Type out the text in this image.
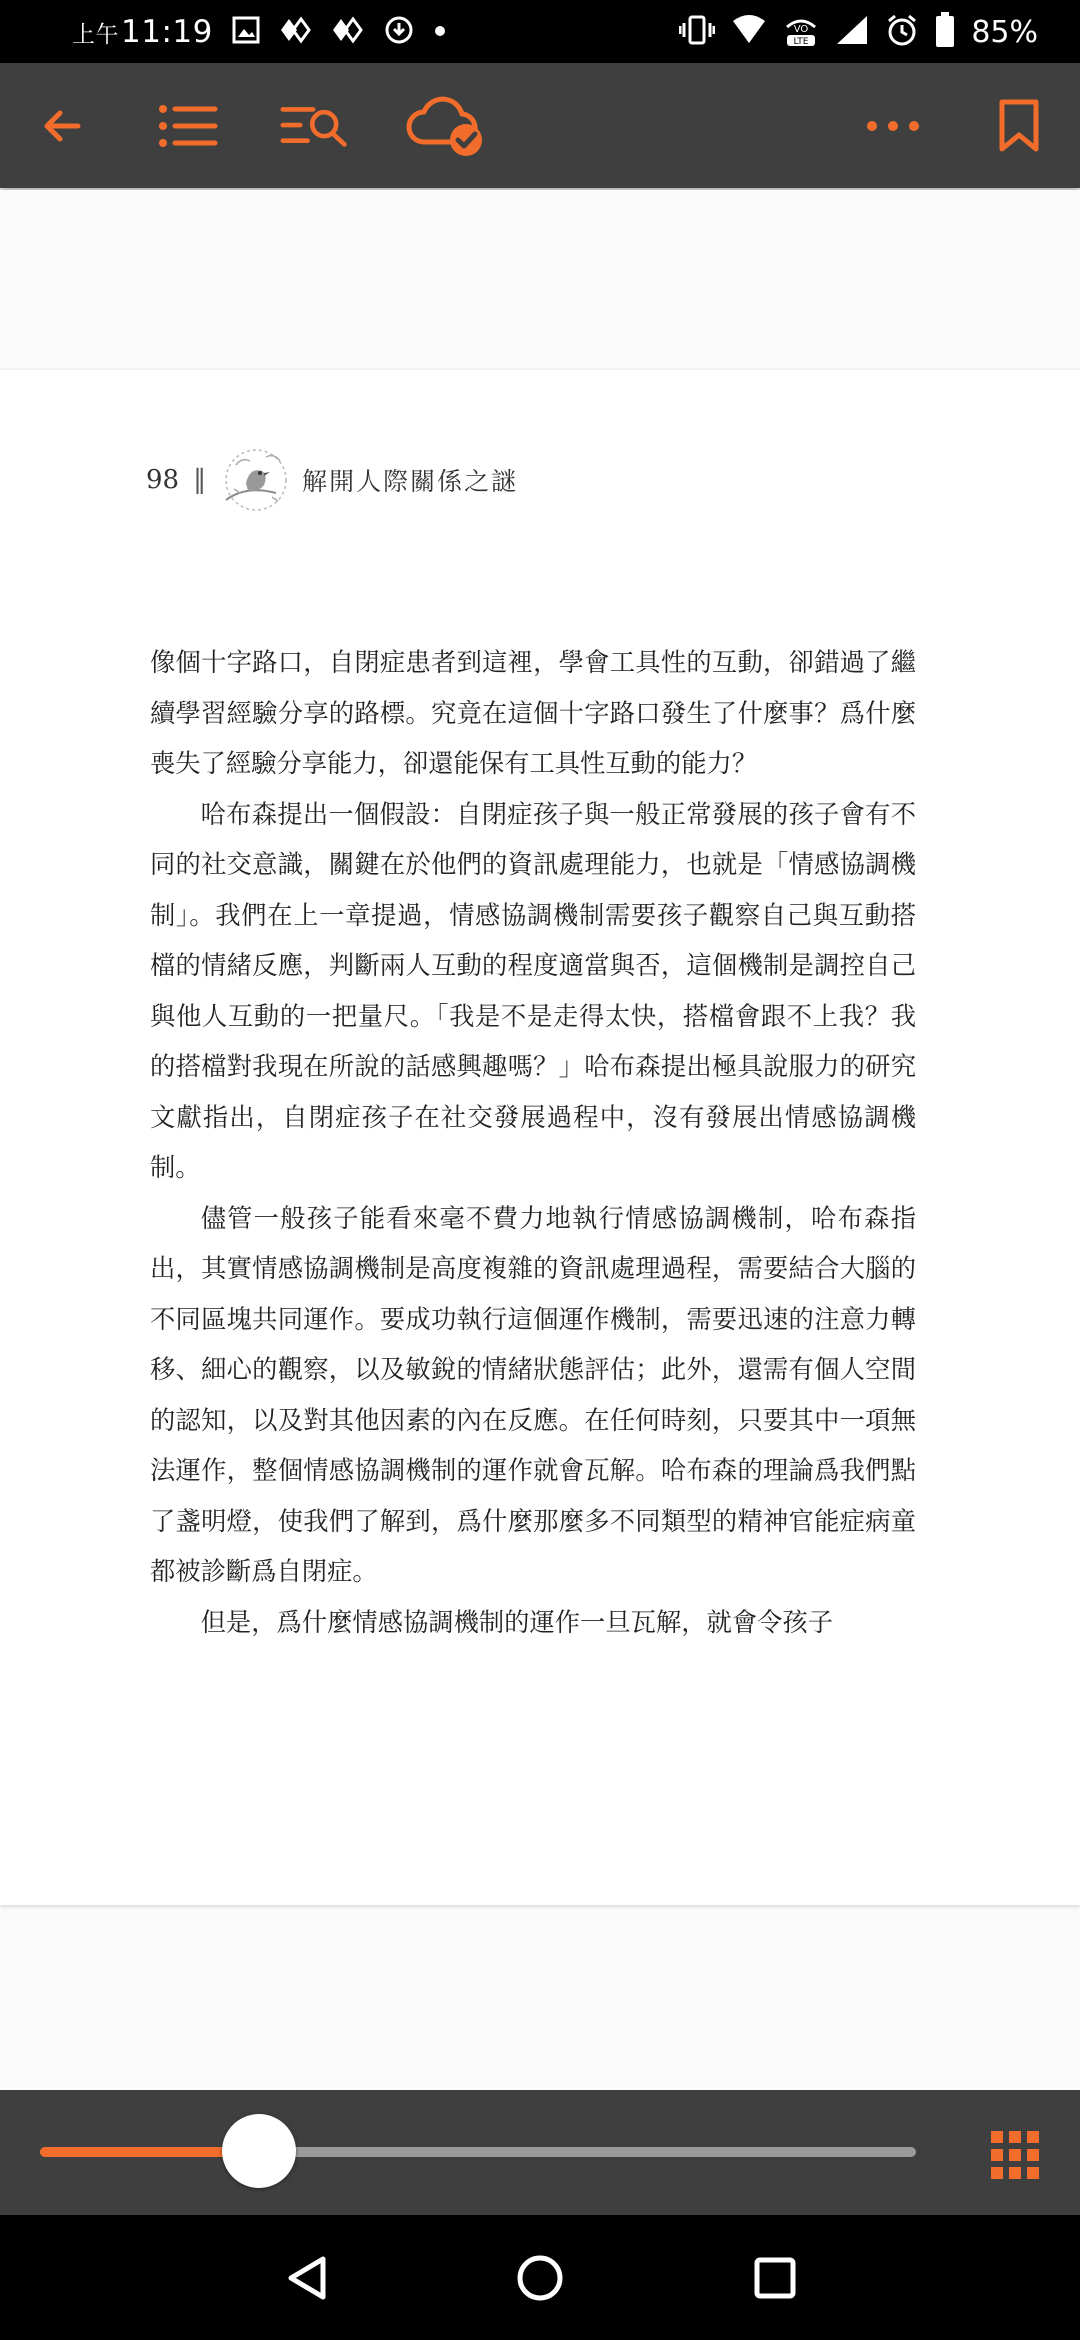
上午11:19	VO
LTE	85%
98 ‖	解開人際關係之謎

像個十字路口，自閉症患者到這裡，學會工具性的互動，卻錯過了繼續學習經驗分享的路標。究竟在這個十字路口發生了什麼事？爲什麼喪失了經驗分享能力，卻還能保有工具性互動的能力？

哈布森提出一個假設：自閉症孩子與一般正常發展的孩子會有不同的社交意識，關鍵在於他們的資訊處理能力，也就是「情感協調機制」。我們在上一章提過，情感協調機制需要孩子觀察自己與互動搭檔的情緒反應，判斷兩人互動的程度適當與否，這個機制是調控自己與他人互動的一把量尺。「我是不是走得太快，搭檔會跟不上我？我的搭檔對我現在所說的話感興趣嗎？」哈布森提出極具說服力的研究文獻指出，自閉症孩子在社交發展過程中，沒有發展出情感協調機制。

儘管一般孩子能看來毫不費力地執行情感協調機制，哈布森指出，其實情感協調機制是高度複雜的資訊處理過程，需要結合大腦的不同區塊共同運作。要成功執行這個運作機制，需要迅速的注意力轉移、細心的觀察，以及敏銳的情緒狀態評估；此外，還需有個人空間的認知，以及對其他因素的內在反應。在任何時刻，只要其中一項無法運作，整個情感協調機制的運作就會瓦解。哈布森的理論爲我們點了盞明燈，使我們了解到，爲什麼那麼多不同類型的精神官能症病童都被診斷爲自閉症。

但是，爲什麼情感協調機制的運作一旦瓦解，就會令孩子
